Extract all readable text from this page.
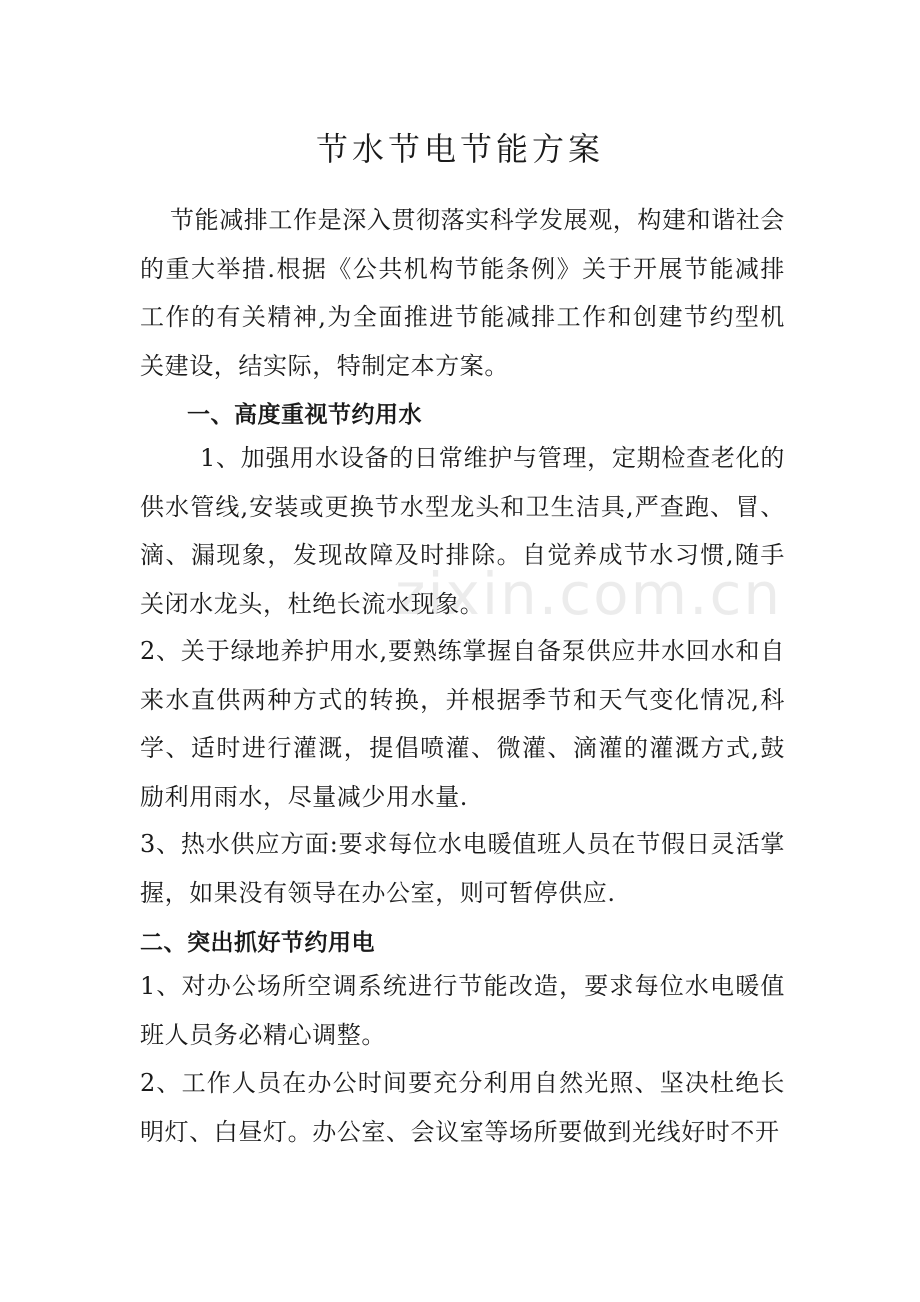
节水节电节能方案

节能减排工作是深入贯彻落实科学发展观，构建和谐社会的重大举措.根据《公共机构节能条例》关于开展节能减排工作的有关精神,为全面推进节能减排工作和创建节约型机关建设，结实际，特制定本方案。

一、高度重视节约用水

1、加强用水设备的日常维护与管理，定期检查老化的供水管线,安装或更换节水型龙头和卫生洁具,严查跑、冒、滴、漏现象，发现故障及时排除。自觉养成节水习惯,随手关闭水龙头，杜绝长流水现象。

2、关于绿地养护用水,要熟练掌握自备泵供应井水回水和自来水直供两种方式的转换，并根据季节和天气变化情况,科学、适时进行灌溉，提倡喷灌、微灌、滴灌的灌溉方式,鼓励利用雨水，尽量减少用水量.

3、热水供应方面:要求每位水电暖值班人员在节假日灵活掌握，如果没有领导在办公室，则可暂停供应.

二、突出抓好节约用电

1、对办公场所空调系统进行节能改造，要求每位水电暖值班人员务必精心调整。

2、工作人员在办公时间要充分利用自然光照、坚决杜绝长明灯、白昼灯。办公室、会议室等场所要做到光线好时不开

zixin.com.cn
